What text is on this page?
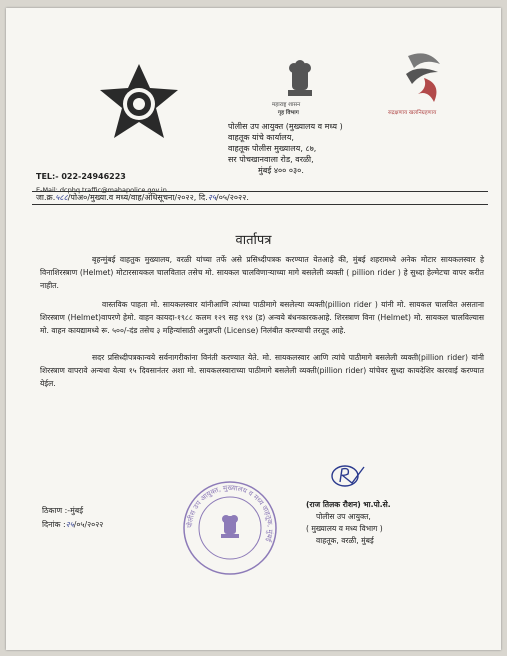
महाराष्ट्र शासन
गृह विभाग	सद्रक्षणाय खलनिग्रहणाय
पोलीस उप आयुक्त (मुख्यालय व मध्य )
वाहतूक यांचे कार्यालय,
वाहतूक पोलीस मुख्यालय, ८७,
सर पोचखानवाला रोड, वरळी,
मुंबई ४०० ०३०.
TEL:- 022-24946223
E-Mail: dcphq.traffic@mahapolice.gov.in
जा.क्र.५८८/पोअ०/मुख्या.व मध्य/वाह/अधिसूचना/२०२२, दि.२५/०५/२०२२.
वार्तापत्र
बृहन्मुंबई वाहतुक मुख्यालय, वरळी यांच्या तर्फे असे प्रसिध्दीपत्रक करण्यात येतआहे की, मुंबई शहरामध्ये अनेक मोटार सायकलस्वार हे विनाशिरस्त्राण (Helmet) मोटारसायकल चालवितात तसेच मो. सायकल चालविणाऱ्याच्या मागे बसलेली व्यक्ती ( pillion rider ) हे सुध्दा हेल्मेटचा वापर करीत नाहीत.
वास्तविक पाहता मो. सायकलस्वार यांनीआणि त्यांच्या पाठीमागे बसलेल्या व्यक्ती(pillion rider ) यांनी मो. सायकल चालवित असताना शिरस्त्राण (Helmet)वापरणे हेमो. वाहन कायदा-१९८८ कलम १२९ सह १९४ (ड) अन्वये बंधनकारकआहे. शिरस्त्राण विना (Helmet) मो. सायकल चालविल्यास मो. वाहन कायद्यामध्ये रू. ५००/-दंड तसेच ३ महिन्यांसाठी अनुज्ञप्ती (License) निलंबीत करण्याची तरतूद आहे.
सदर प्रसिध्दीपत्रकान्वये सर्वनागरीकांना विनंती करण्यात येते. मो. सायकलस्वार आणि त्यांचे पाठीमागे बसलेली व्यक्ती(pillion rider) यांनी शिरस्त्राण वापरावे अन्यथा येत्या १५ दिवसानंतर अशा मो. सायकलस्वाराच्या पाठीमागे बसलेली व्यक्ती(pillion rider) यांचेवर सुध्दा कायदेशिर कारवाई करण्यात येईल.
ठिकाण :-मुंबई
दिनांक :२५/०५/२०२२	पोलीस उप आयुक्त, मुख्यालय व मध्य वाहतूक, मुंबई
(राज तिलक रौशन) भा.पो.से.
पोलीस उप आयुक्त,
( मुख्यालय व मध्य विभाग )
वाहतूक, वरळी, मुंबई
